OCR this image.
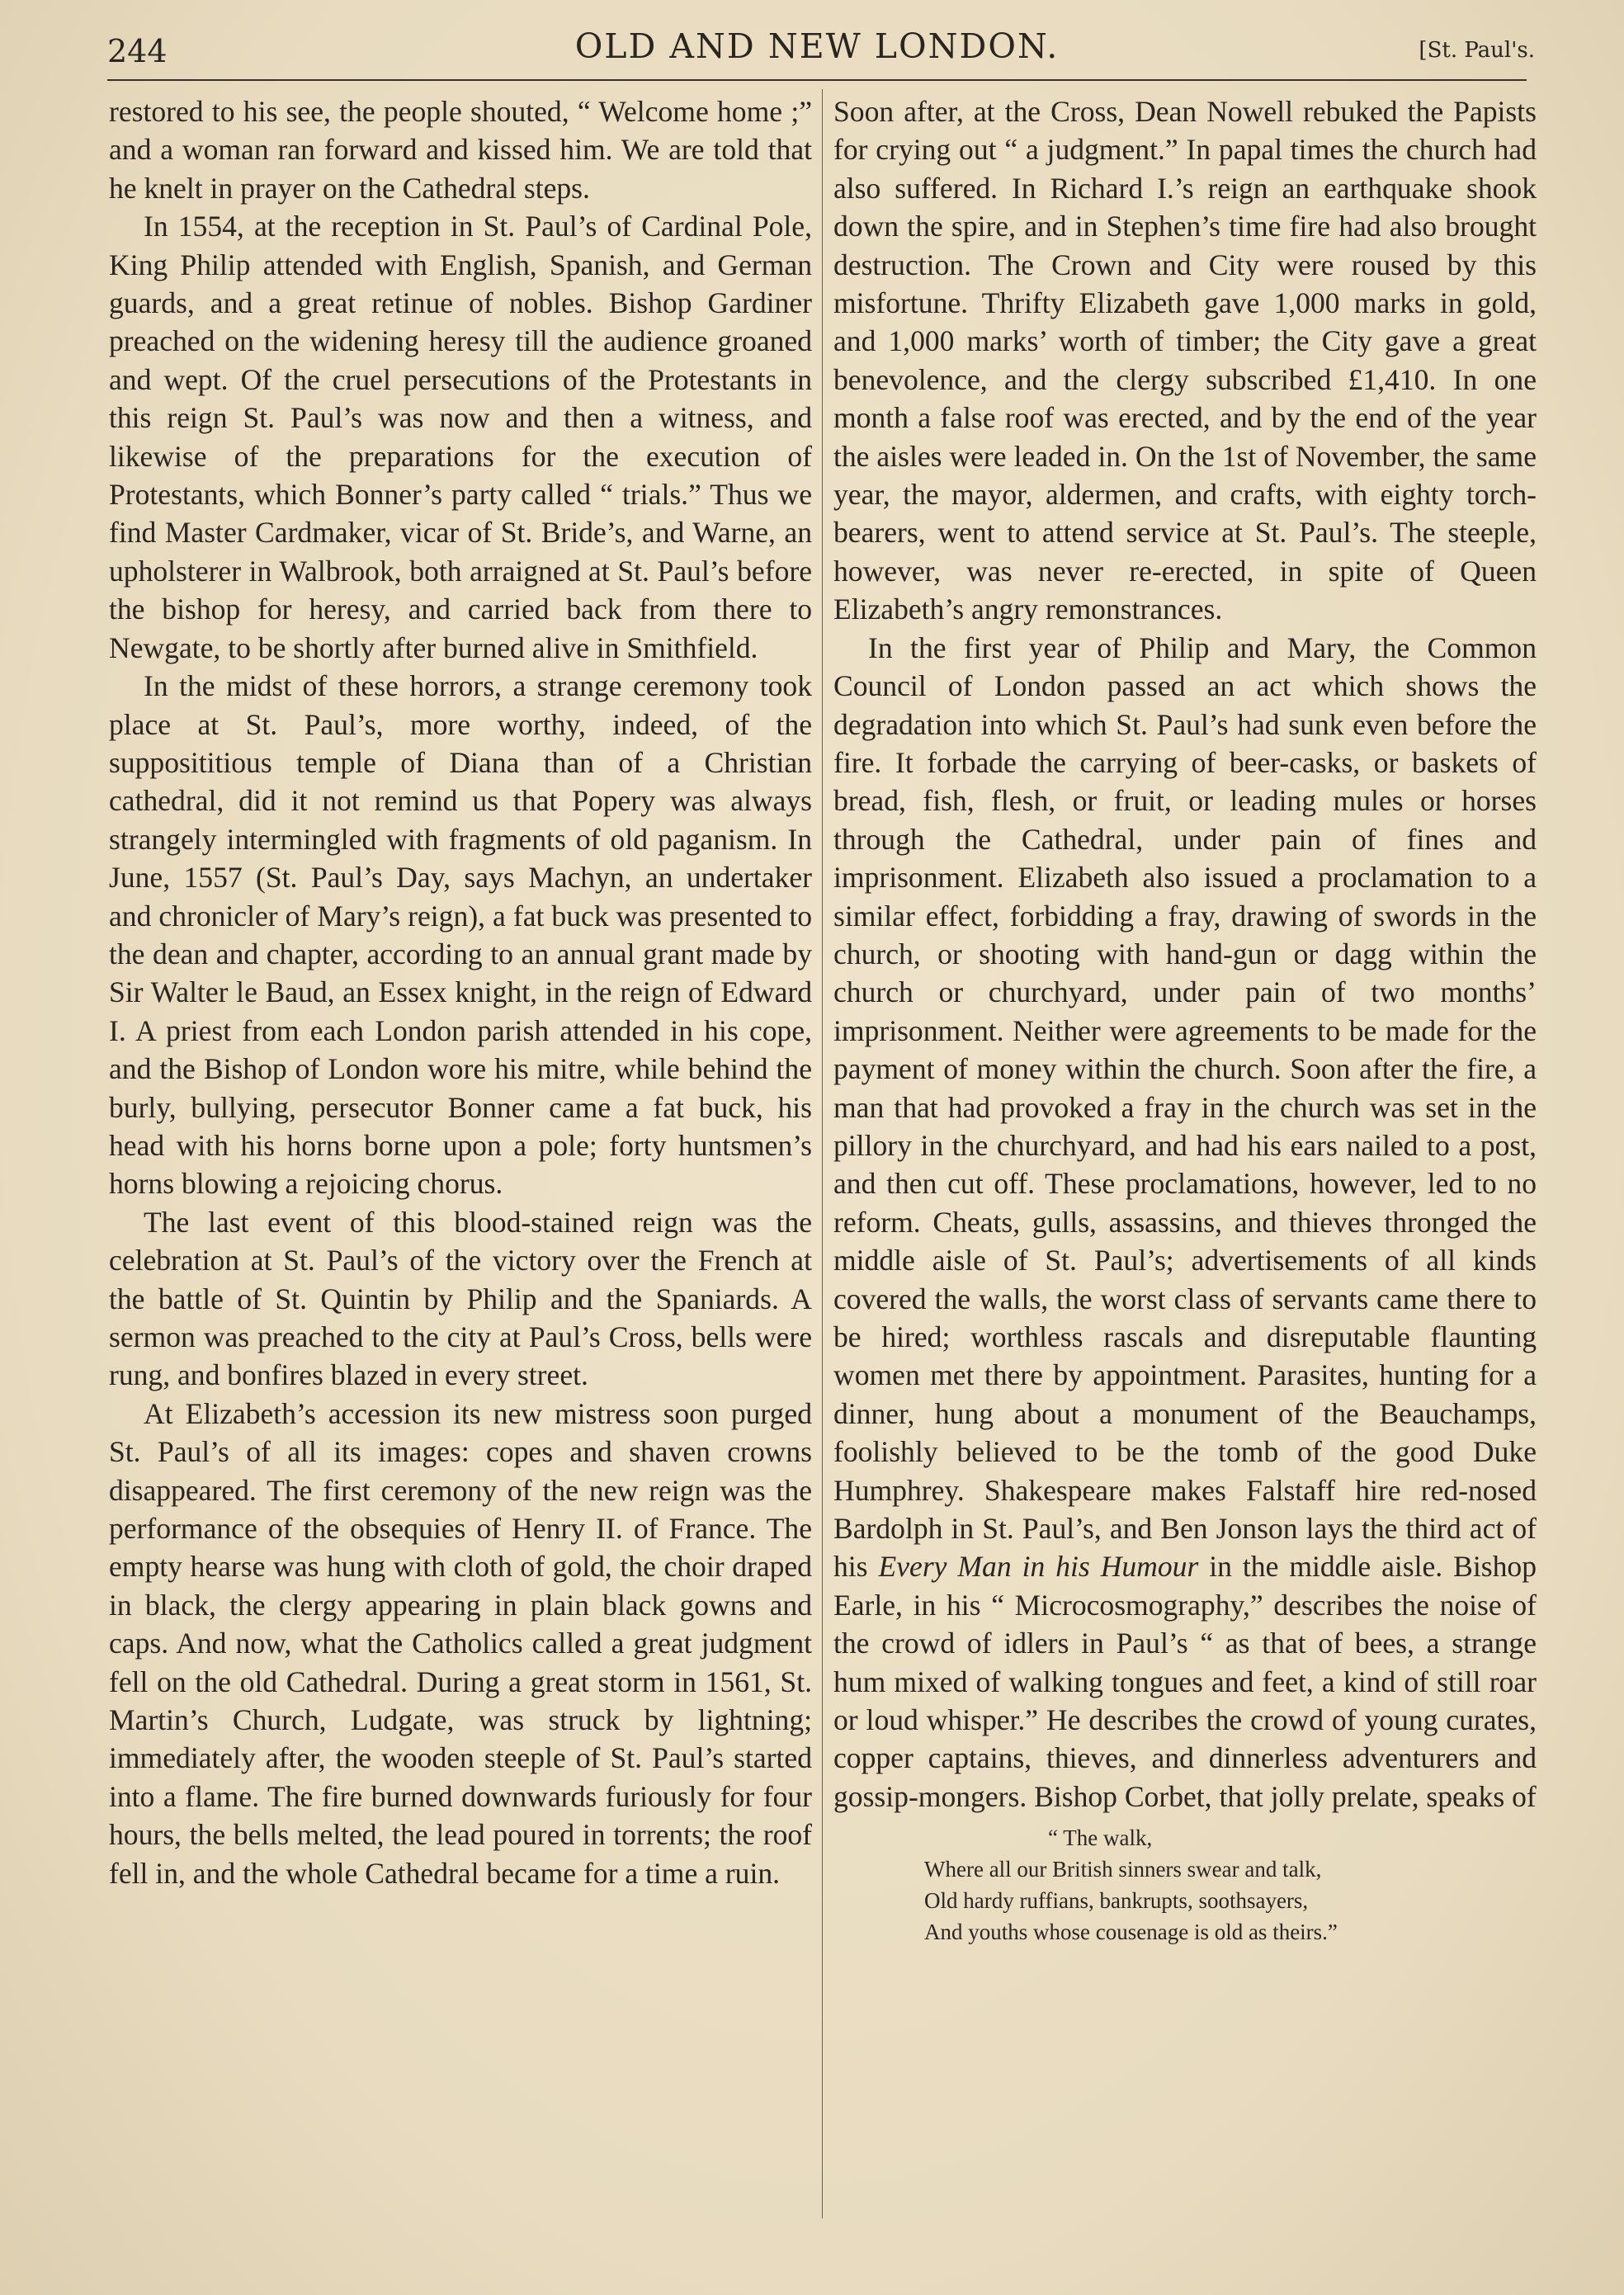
244	OLD AND NEW LONDON.	[St. Paul's.

restored to his see, the people shouted, “ Welcome home ;” and a woman ran forward and kissed him. We are told that he knelt in prayer on the Cathedral steps.

In 1554, at the reception in St. Paul’s of Cardinal Pole, King Philip attended with English, Spanish, and German guards, and a great retinue of nobles. Bishop Gardiner preached on the widening heresy till the audience groaned and wept. Of the cruel persecutions of the Protestants in this reign St. Paul’s was now and then a witness, and likewise of the preparations for the execution of Protestants, which Bonner’s party called “ trials.” Thus we find Master Cardmaker, vicar of St. Bride’s, and Warne, an upholsterer in Walbrook, both arraigned at St. Paul’s before the bishop for heresy, and carried back from there to Newgate, to be shortly after burned alive in Smithfield.

In the midst of these horrors, a strange ceremony took place at St. Paul’s, more worthy, indeed, of the supposititious temple of Diana than of a Christian cathedral, did it not remind us that Popery was always strangely intermingled with fragments of old paganism. In June, 1557 (St. Paul’s Day, says Machyn, an undertaker and chronicler of Mary’s reign), a fat buck was presented to the dean and chapter, according to an annual grant made by Sir Walter le Baud, an Essex knight, in the reign of Edward I. A priest from each London parish attended in his cope, and the Bishop of London wore his mitre, while behind the burly, bullying, persecutor Bonner came a fat buck, his head with his horns borne upon a pole; forty huntsmen’s horns blowing a rejoicing chorus.

The last event of this blood-stained reign was the celebration at St. Paul’s of the victory over the French at the battle of St. Quintin by Philip and the Spaniards. A sermon was preached to the city at Paul’s Cross, bells were rung, and bonfires blazed in every street.

At Elizabeth’s accession its new mistress soon purged St. Paul’s of all its images: copes and shaven crowns disappeared. The first ceremony of the new reign was the performance of the obsequies of Henry II. of France. The empty hearse was hung with cloth of gold, the choir draped in black, the clergy appearing in plain black gowns and caps. And now, what the Catholics called a great judgment fell on the old Cathedral. During a great storm in 1561, St. Martin’s Church, Ludgate, was struck by lightning; immediately after, the wooden steeple of St. Paul’s started into a flame. The fire burned downwards furiously for four hours, the bells melted, the lead poured in torrents; the roof fell in, and the whole Cathedral became for a time a ruin.

Soon after, at the Cross, Dean Nowell rebuked the Papists for crying out “ a judgment.” In papal times the church had also suffered. In Richard I.’s reign an earthquake shook down the spire, and in Stephen’s time fire had also brought destruction. The Crown and City were roused by this misfortune. Thrifty Elizabeth gave 1,000 marks in gold, and 1,000 marks’ worth of timber; the City gave a great benevolence, and the clergy subscribed £1,410. In one month a false roof was erected, and by the end of the year the aisles were leaded in. On the 1st of November, the same year, the mayor, aldermen, and crafts, with eighty torch-bearers, went to attend service at St. Paul’s. The steeple, however, was never re-erected, in spite of Queen Elizabeth’s angry remonstrances.

In the first year of Philip and Mary, the Common Council of London passed an act which shows the degradation into which St. Paul’s had sunk even before the fire. It forbade the carrying of beer-casks, or baskets of bread, fish, flesh, or fruit, or leading mules or horses through the Cathedral, under pain of fines and imprisonment. Elizabeth also issued a proclamation to a similar effect, forbidding a fray, drawing of swords in the church, or shooting with hand-gun or dagg within the church or churchyard, under pain of two months’ imprisonment. Neither were agreements to be made for the payment of money within the church. Soon after the fire, a man that had provoked a fray in the church was set in the pillory in the churchyard, and had his ears nailed to a post, and then cut off. These proclamations, however, led to no reform. Cheats, gulls, assassins, and thieves thronged the middle aisle of St. Paul’s; advertisements of all kinds covered the walls, the worst class of servants came there to be hired; worthless rascals and disreputable flaunting women met there by appointment. Parasites, hunting for a dinner, hung about a monument of the Beauchamps, foolishly believed to be the tomb of the good Duke Humphrey. Shakespeare makes Falstaff hire red-nosed Bardolph in St. Paul’s, and Ben Jonson lays the third act of his Every Man in his Humour in the middle aisle. Bishop Earle, in his “ Microcosmography,” describes the noise of the crowd of idlers in Paul’s “ as that of bees, a strange hum mixed of walking tongues and feet, a kind of still roar or loud whisper.” He describes the crowd of young curates, copper captains, thieves, and dinnerless adventurers and gossip-mongers. Bishop Corbet, that jolly prelate, speaks of

“ The walk,
Where all our British sinners swear and talk,
Old hardy ruffians, bankrupts, soothsayers,
And youths whose cousenage is old as theirs.”
